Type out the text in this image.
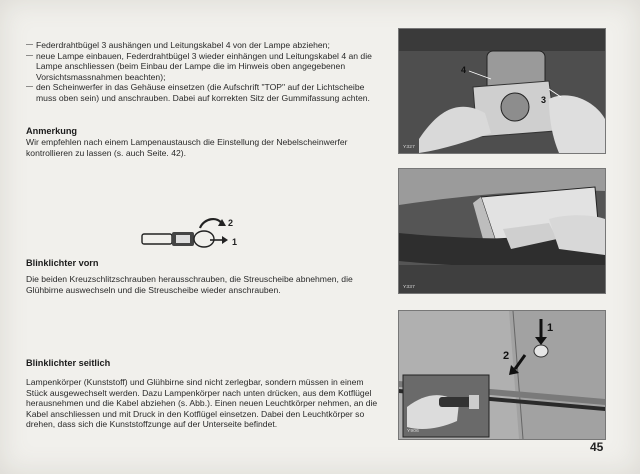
— Federdrahtbügel 3 aushängen und Leitungskabel 4 von der Lampe abziehen;
— neue Lampe einbauen, Federdrahtbügel 3 wieder einhängen und Leitungskabel 4 an die Lampe anschliessen (beim Einbau der Lampe die im Hinweis oben angegebenen Vorsichtsmassnahmen beachten);
— den Scheinwerfer in das Gehäuse einsetzen (die Aufschrift "TOP" auf der Lichtscheibe muss oben sein) und anschrauben. Dabei auf korrekten Sitz der Gummifassung achten.
Anmerkung

Wir empfehlen nach einem Lampenaustausch die Einstellung der Nebelscheinwerfer kontrollieren zu lassen (s. auch Seite. 42).

Blinklichter vorn

Die beiden Kreuzschlitzschrauben herausschrauben, die Streuscheibe abnehmen, die Glühbirne auswechseln und die Streuscheibe wieder anschrauben.

Blinklichter seitlich

Lampenkörper (Kunststoff) und Glühbirne sind nicht zerlegbar, sondern müssen in einem Stück ausgewechselt werden. Dazu Lampenkörper nach unten drücken, aus dem Kotflügel herausnehmen und die Kabel abziehen (s. Abb.). Einen neuen Leuchtkörper nehmen, an die Kabel anschliessen und mit Druck in den Kotflügel einsetzen. Dabei den Leuchtkörper so drehen, dass sich die Kunststoffzunge auf der Unterseite befindet.

2
1
4
3
Y327
Y337
1
2
Y906
45
